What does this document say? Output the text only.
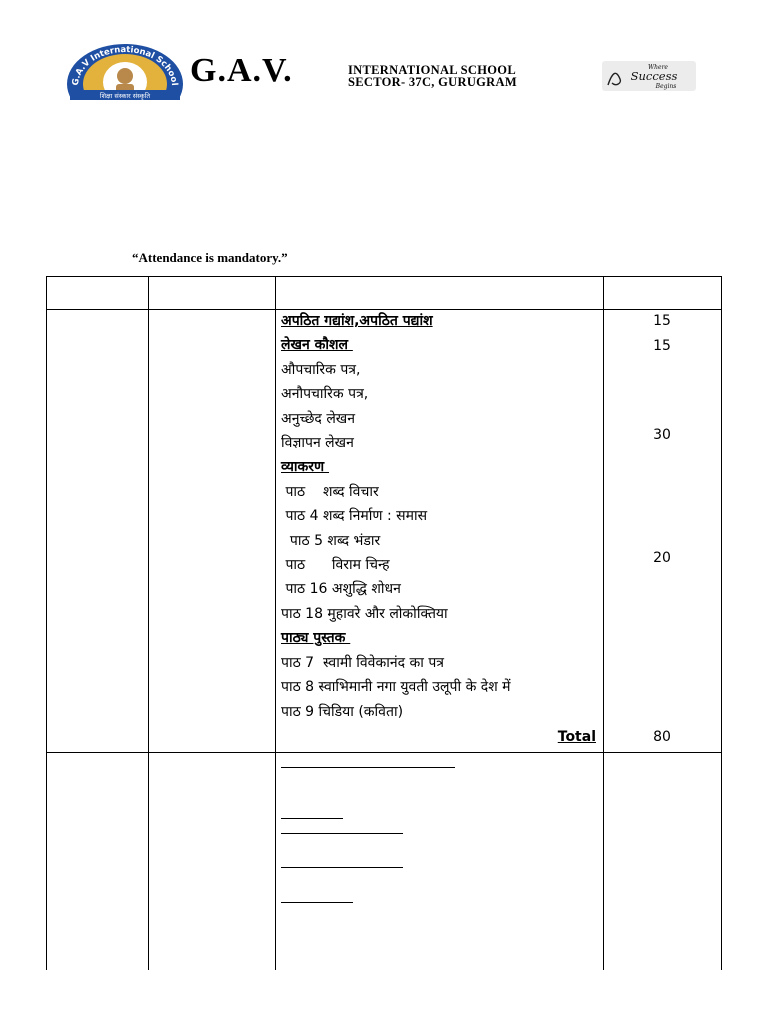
G.A.V International School
शिक्षा संस्कार संस्कृति
G.A.V.	INTERNATIONAL SCHOOL
SECTOR- 37C, GURUGRAM
Where
Success
Begins
“Attendance is mandatory.”
अपठित गद्यांश,अपठित पद्यांश
लेखन कौशल
औपचारिक पत्र,
अनौपचारिक पत्र,
अनुच्छेद लेखन
विज्ञापन लेखन
व्याकरण
पाठ    शब्द विचार
पाठ 4 शब्द निर्माण : समास
पाठ 5 शब्द भंडार
पाठ      विराम चिन्ह
पाठ 16 अशुद्धि शोधन
पाठ 18 मुहावरे और लोकोक्तिया
पाठ्य पुस्तक
पाठ 7  स्वामी विवेकानंद का पत्र
पाठ 8 स्वाभिमानी नगा युवती उलूपी के देश में
पाठ 9 चिडिया (कविता)
15
15
30
20
Total	80
